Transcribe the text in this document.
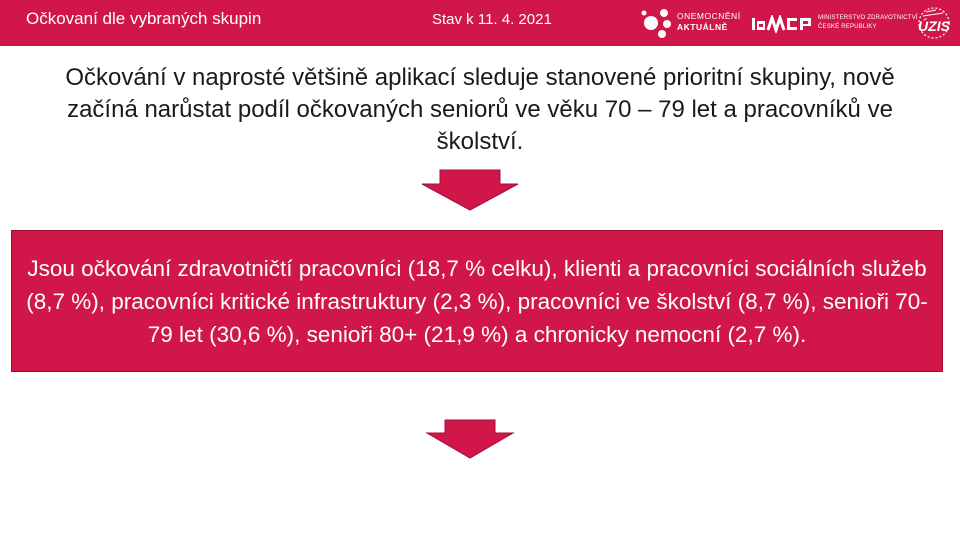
Očkovaní dle vybraných skupin	Stav k 11. 4. 2021	ONEMOCNĚNÍ
AKTUÁLNĚ
MINISTERSTVO ZDRAVOTNICTVÍ
ČESKÉ REPUBLIKY	ÚZIS

Očkování v naprosté většině aplikací sleduje stanovené prioritní skupiny, nově začíná narůstat podíl očkovaných seniorů ve věku 70 – 79 let a pracovníků ve školství.

Jsou očkování zdravotničtí pracovníci (18,7 % celku), klienti a pracovníci sociálních služeb (8,7 %), pracovníci kritické infrastruktury (2,3 %), pracovníci ve školství (8,7 %), senioři 70-79 let (30,6 %), senioři 80+ (21,9 %) a chronicky nemocní (2,7 %).
